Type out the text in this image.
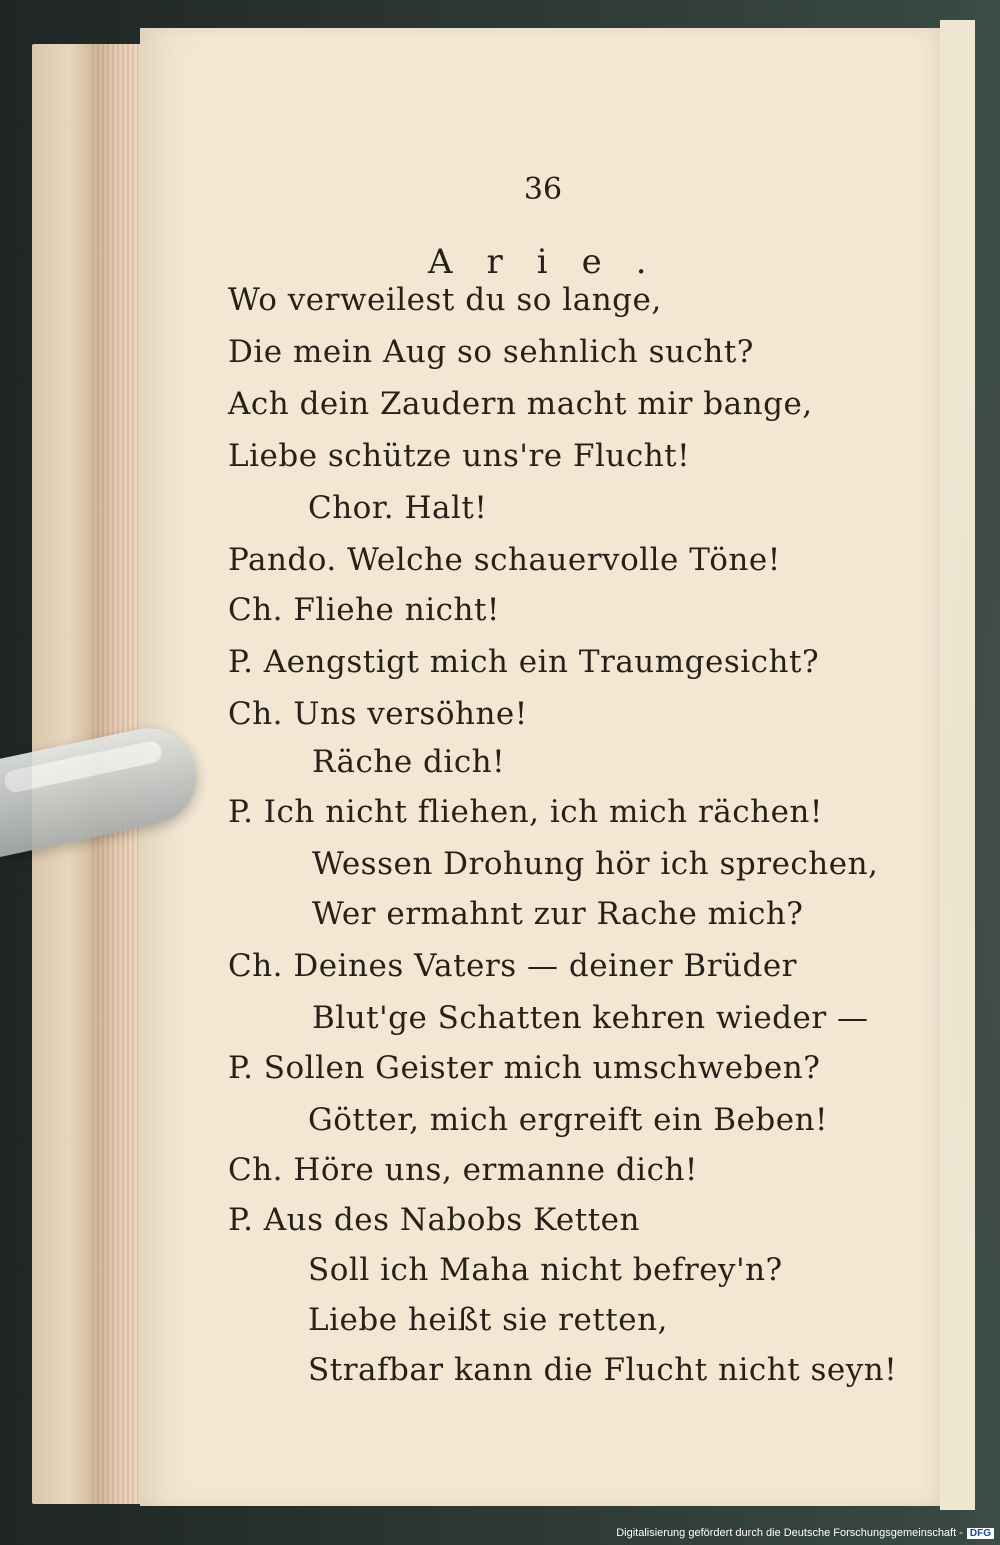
36
Arie.
Wo verweilest du so lange,
Die mein Aug so sehnlich sucht?
Ach dein Zaudern macht mir bange,
Liebe schütze uns're Flucht!
Chor. Halt!
Pando. Welche schauervolle Töne!
Ch. Fliehe nicht!
P. Aengstigt mich ein Traumgesicht?
Ch. Uns versöhne!
Räche dich!
P. Ich nicht fliehen, ich mich rächen!
Wessen Drohung hör ich sprechen,
Wer ermahnt zur Rache mich?
Ch. Deines Vaters — deiner Brüder
Blut'ge Schatten kehren wieder —
P. Sollen Geister mich umschweben?
Götter, mich ergreift ein Beben!
Ch. Höre uns, ermanne dich!
P. Aus des Nabobs Ketten
Soll ich Maha nicht befrey'n?
Liebe heißt sie retten,
Strafbar kann die Flucht nicht seyn!
Digitalisierung gefördert durch die Deutsche Forschungsgemeinschaft - DFG
